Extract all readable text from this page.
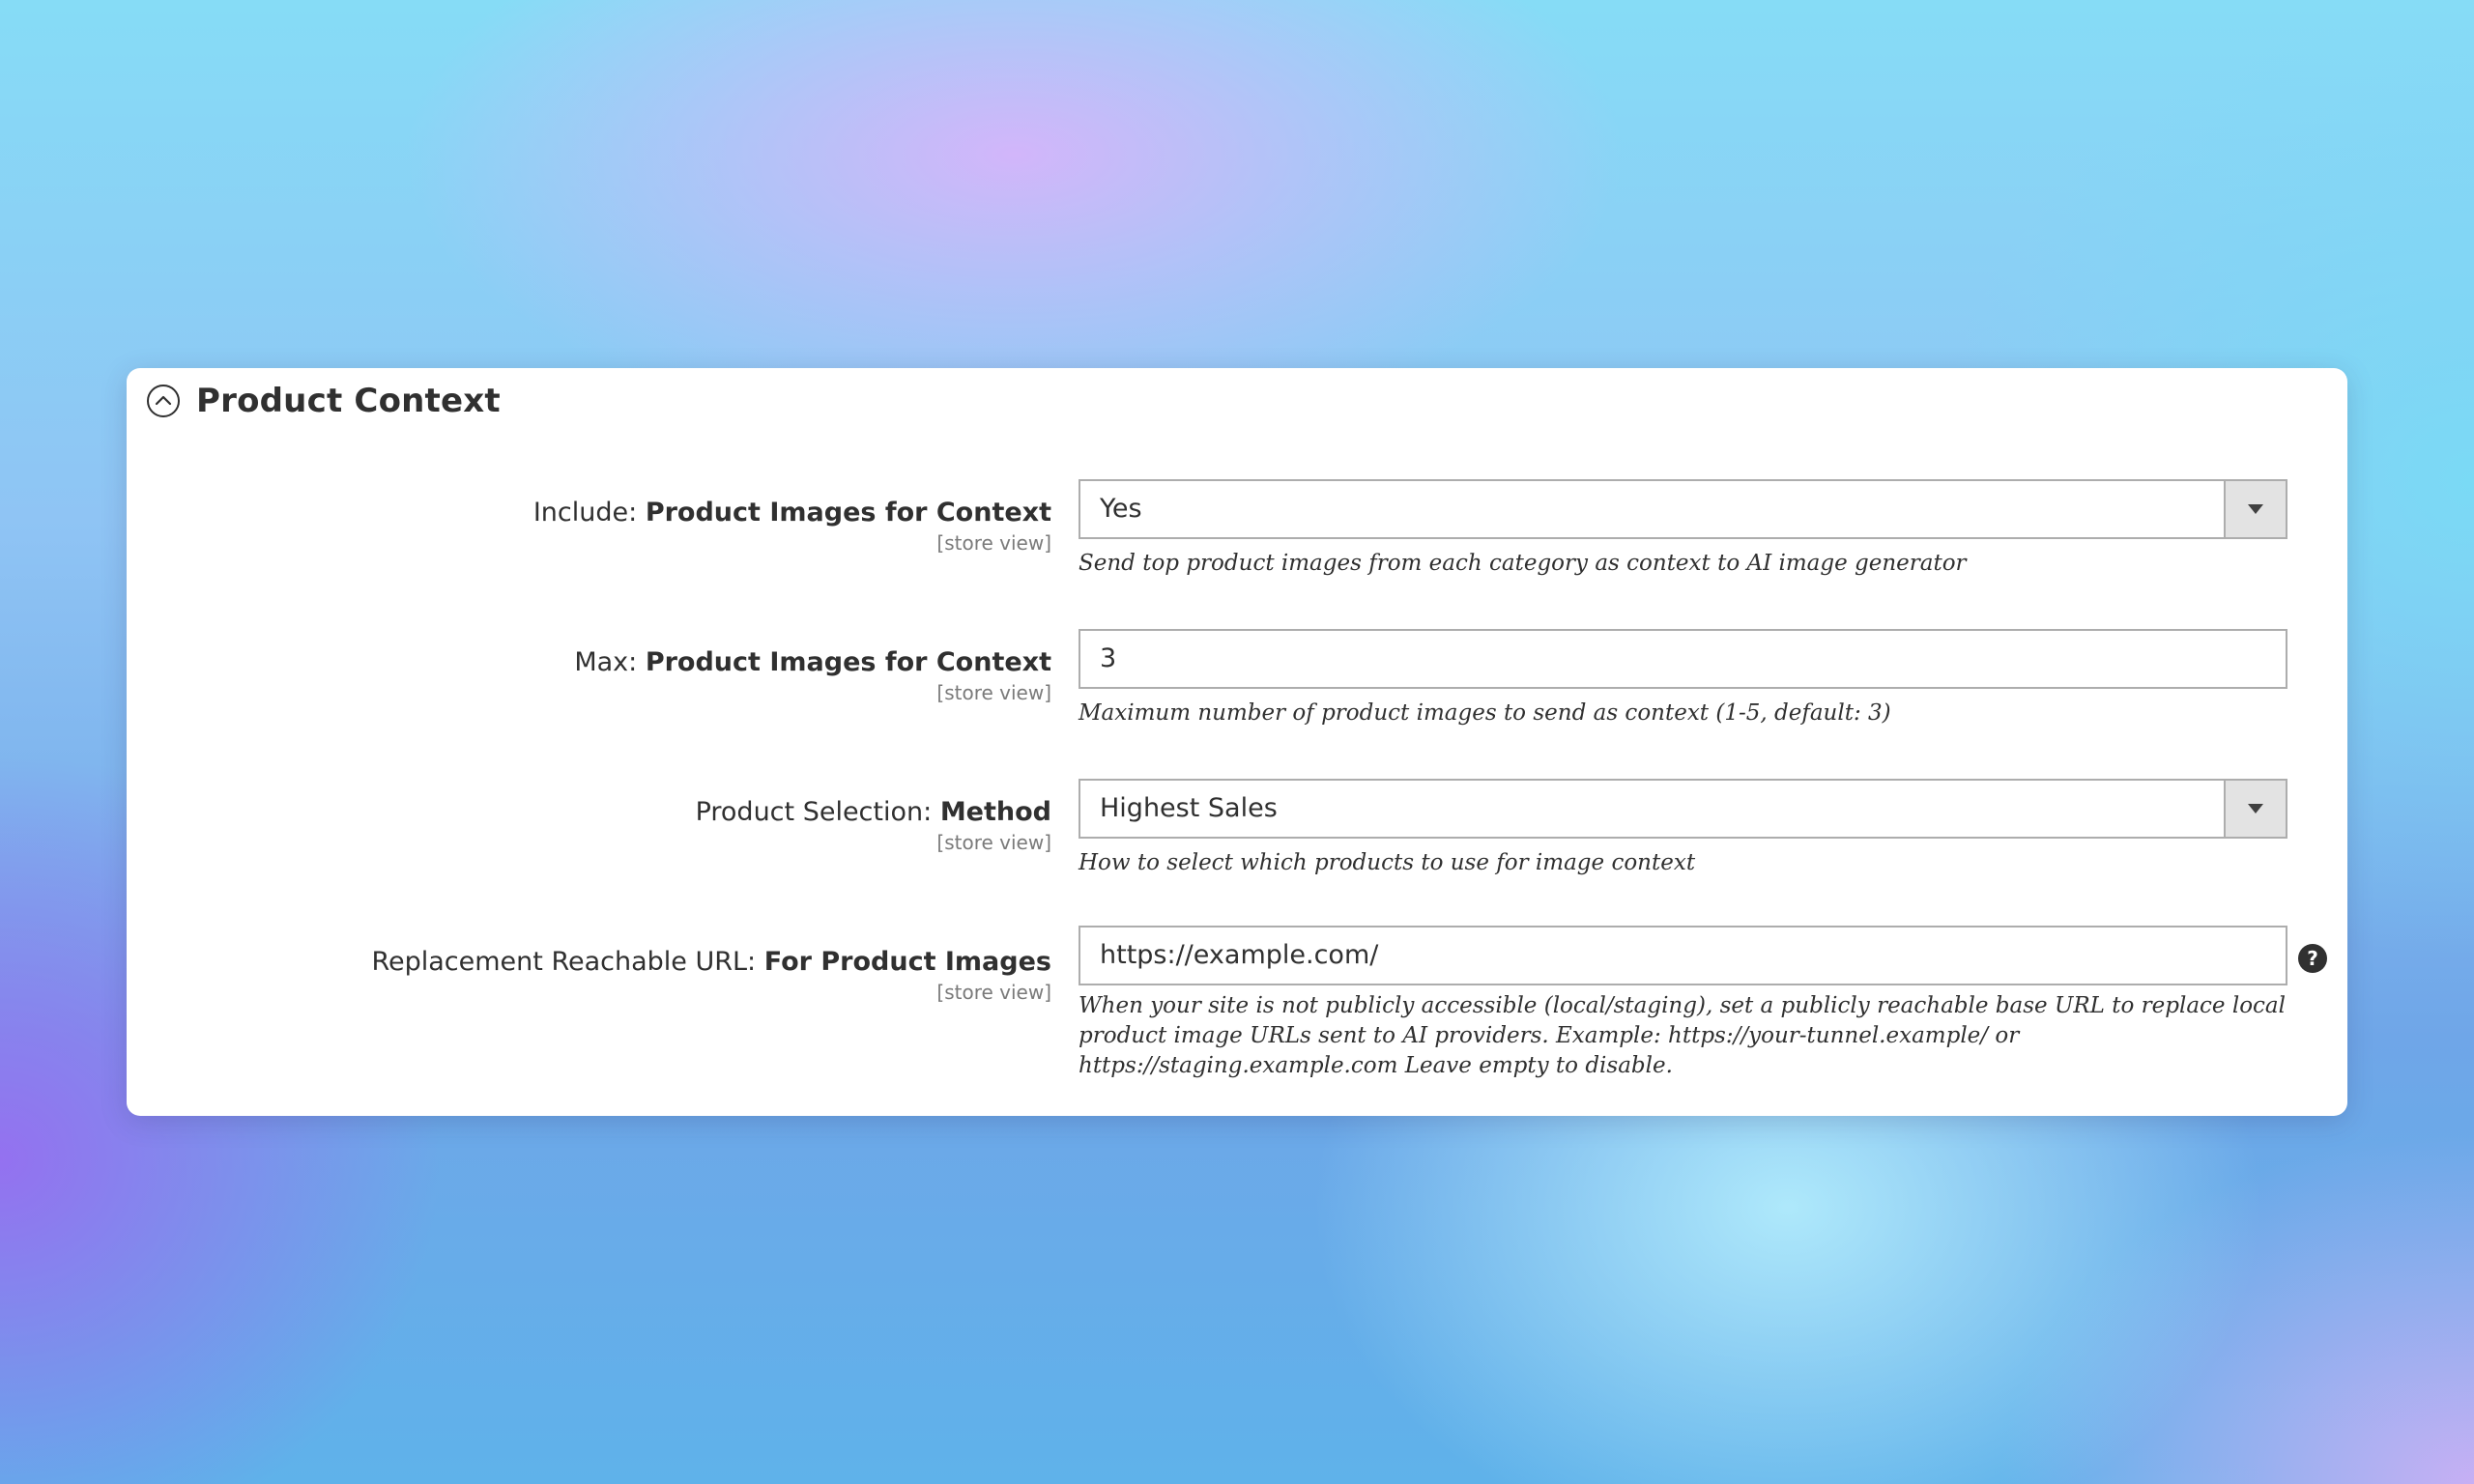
Product Context
Include: Product Images for Context
[store view]
Yes
Send top product images from each category as context to AI image generator
Max: Product Images for Context
[store view]
3
Maximum number of product images to send as context (1-5, default: 3)
Product Selection: Method
[store view]
Highest Sales
How to select which products to use for image context
Replacement Reachable URL: For Product Images
[store view]
https://example.com/
When your site is not publicly accessible (local/staging), set a publicly reachable base URL to replace local product image URLs sent to AI providers. Example: https://your-tunnel.example/ or https://staging.example.com Leave empty to disable.
?
